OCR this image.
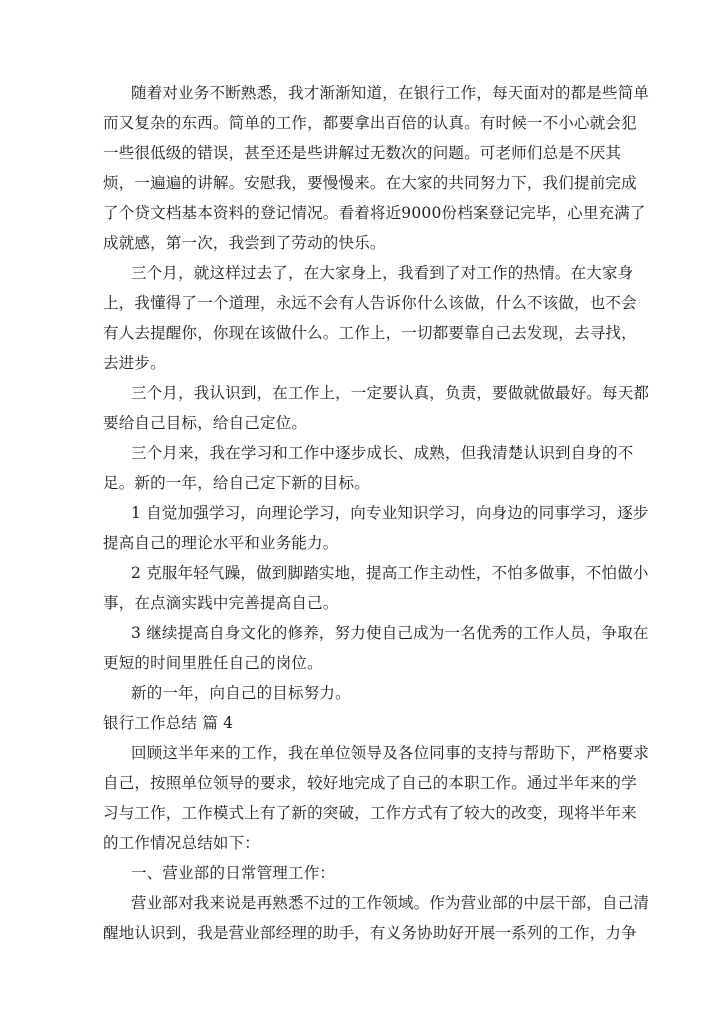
随着对业务不断熟悉，我才渐渐知道，在银行工作，每天面对的都是些简单
而又复杂的东西。简单的工作，都要拿出百倍的认真。有时候一不小心就会犯
一些很低级的错误，甚至还是些讲解过无数次的问题。可老师们总是不厌其
烦，一遍遍的讲解。安慰我，要慢慢来。在大家的共同努力下，我们提前完成
了个贷文档基本资料的登记情况。看着将近9000份档案登记完毕，心里充满了
成就感，第一次，我尝到了劳动的快乐。
三个月，就这样过去了，在大家身上，我看到了对工作的热情。在大家身
上，我懂得了一个道理，永远不会有人告诉你什么该做，什么不该做，也不会
有人去提醒你，你现在该做什么。工作上，一切都要靠自己去发现，去寻找，
去进步。
三个月，我认识到，在工作上，一定要认真，负责，要做就做最好。每天都
要给自己目标，给自己定位。
三个月来，我在学习和工作中逐步成长、成熟，但我清楚认识到自身的不
足。新的一年，给自己定下新的目标。
1 自觉加强学习，向理论学习，向专业知识学习，向身边的同事学习，逐步
提高自己的理论水平和业务能力。
2 克服年轻气躁，做到脚踏实地，提高工作主动性，不怕多做事，不怕做小
事，在点滴实践中完善提高自己。
3 继续提高自身文化的修养，努力使自己成为一名优秀的工作人员，争取在
更短的时间里胜任自己的岗位。
新的一年，向自己的目标努力。
银行工作总结 篇 4
回顾这半年来的工作，我在单位领导及各位同事的支持与帮助下，严格要求
自己，按照单位领导的要求，较好地完成了自己的本职工作。通过半年来的学
习与工作，工作模式上有了新的突破，工作方式有了较大的改变，现将半年来
的工作情况总结如下：
一、营业部的日常管理工作：
营业部对我来说是再熟悉不过的工作领域。作为营业部的中层干部，自己清
醒地认识到，我是营业部经理的助手，有义务协助好开展一系列的工作，力争
